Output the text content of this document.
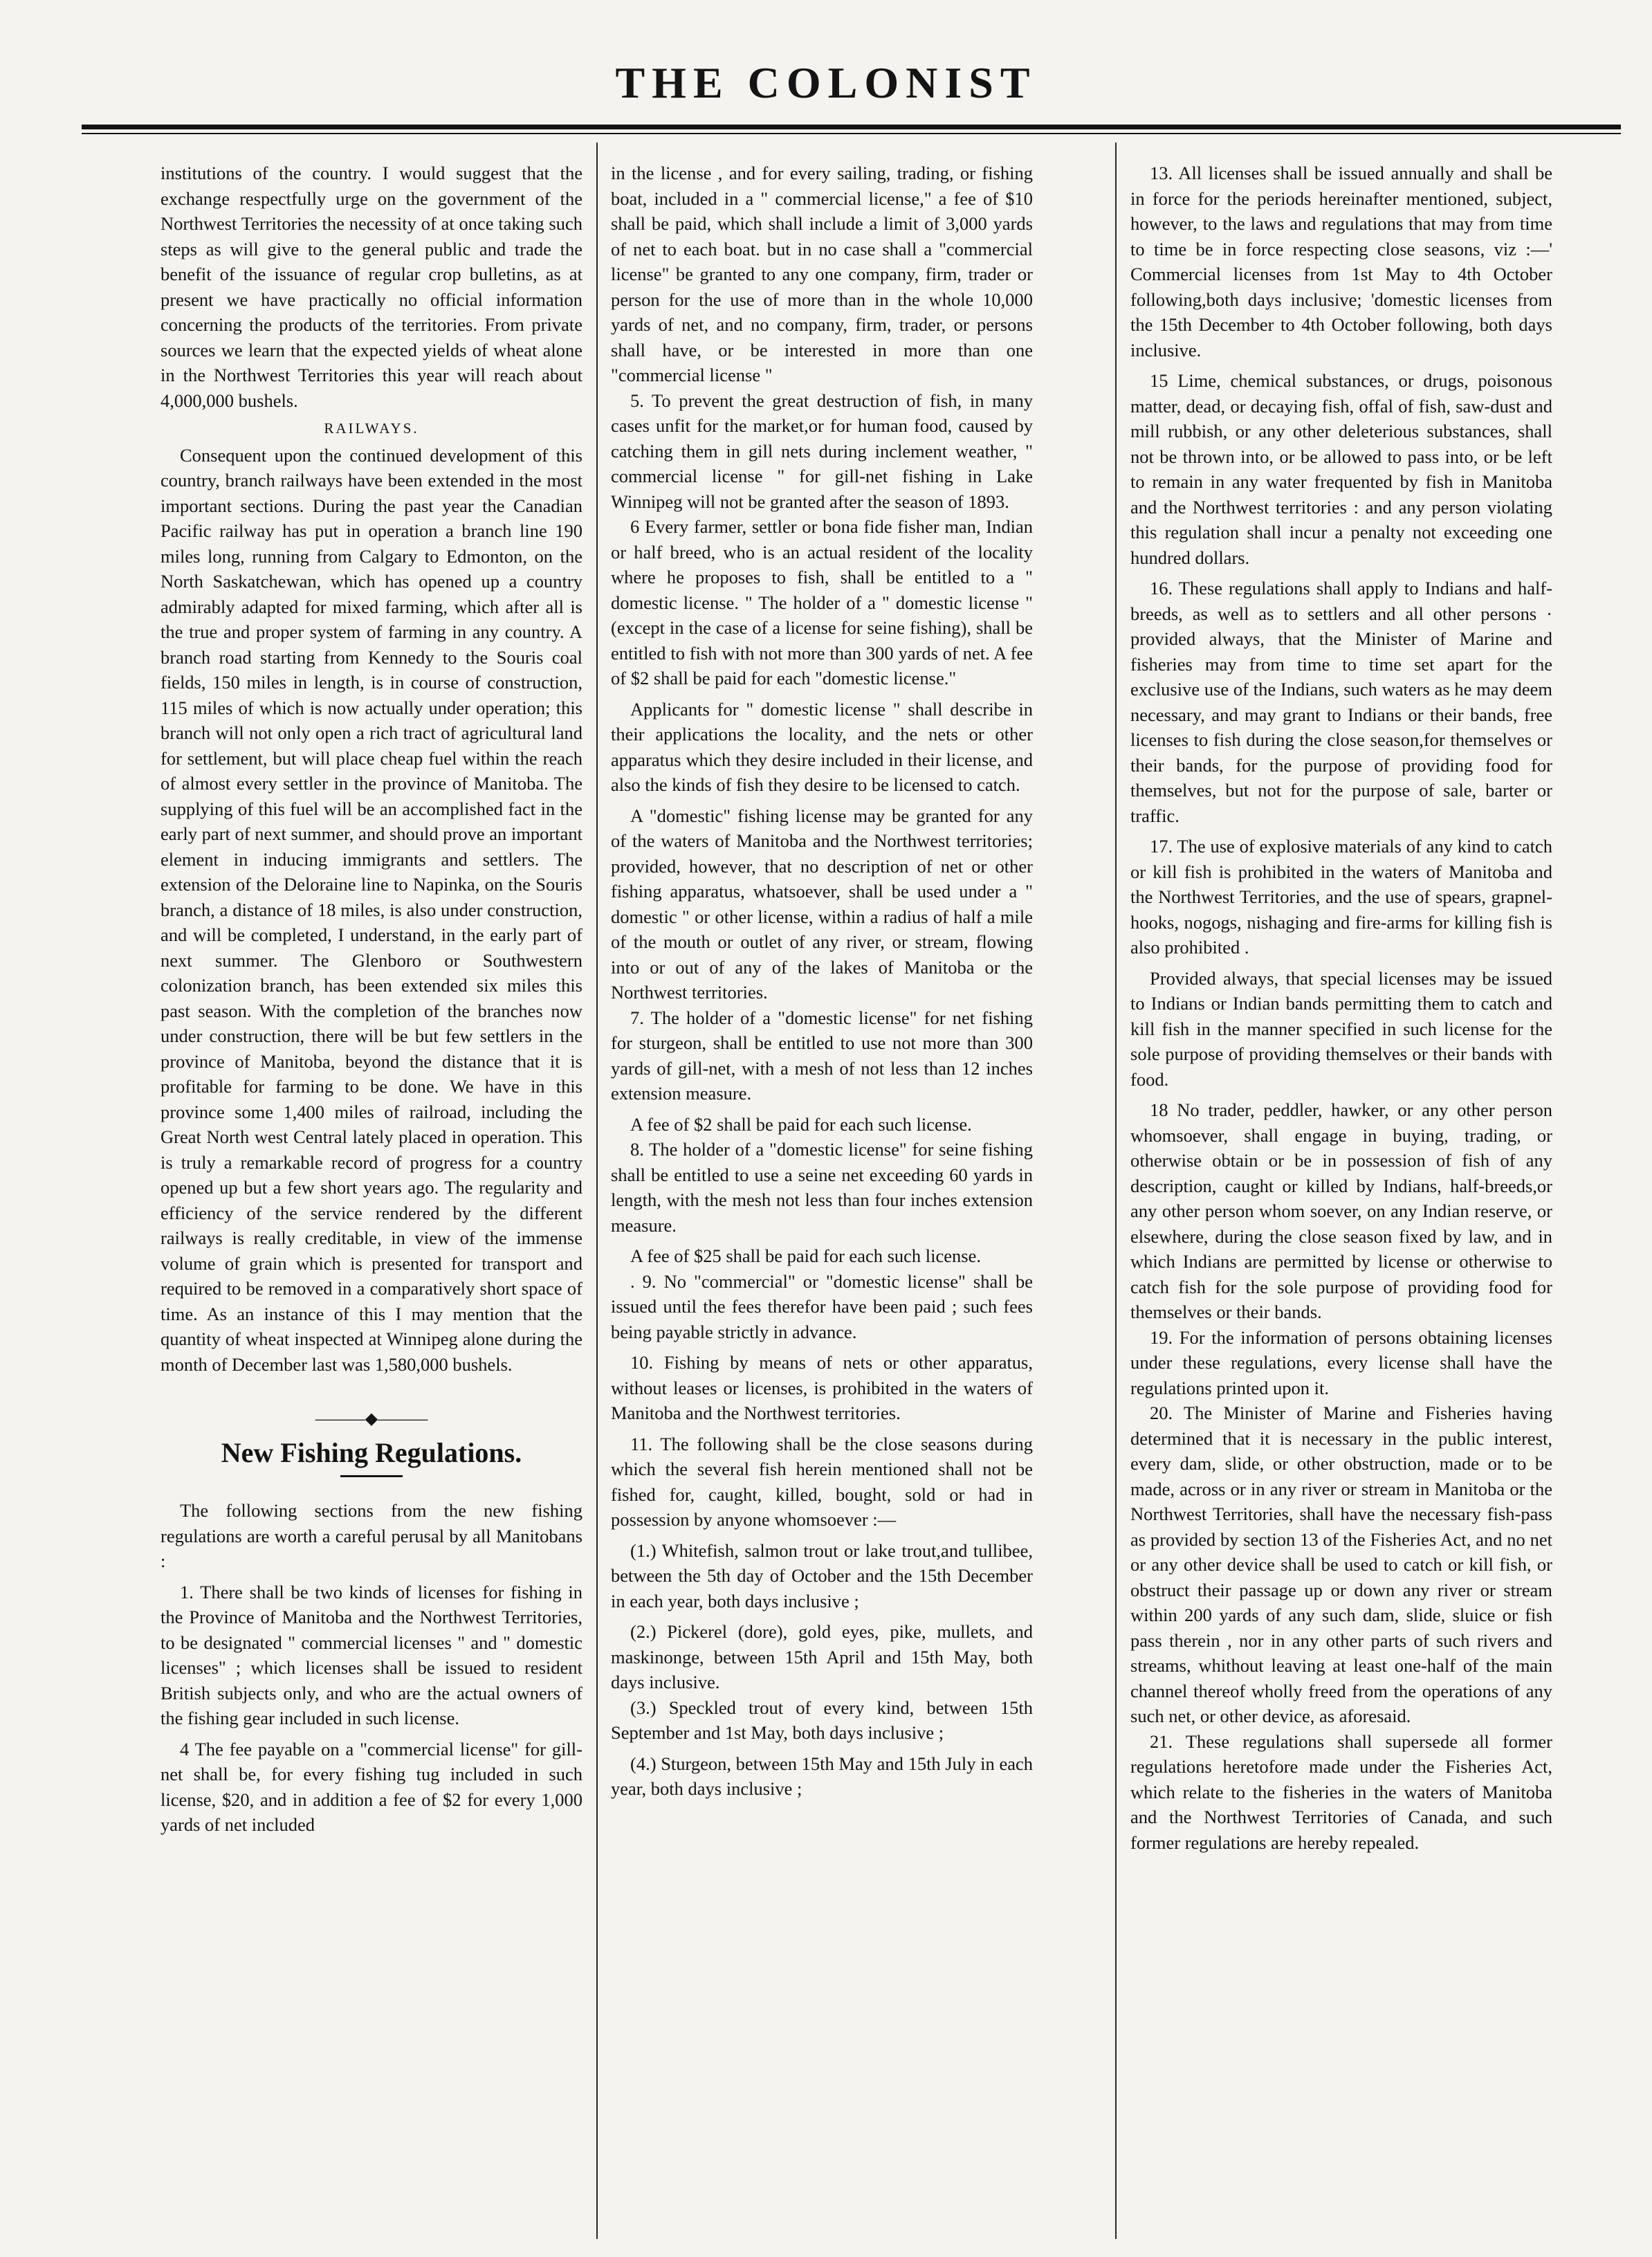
THE COLONIST

institutions of the country. I would suggest that the exchange respectfully urge on the government of the Northwest Territories the necessity of at once taking such steps as will give to the general public and trade the benefit of the issuance of regular crop bulletins, as at present we have practically no official information concerning the products of the territories. From private sources we learn that the expected yields of wheat alone in the Northwest Territories this year will reach about 4,000,000 bushels.

RAILWAYS.

Consequent upon the continued development of this country, branch railways have been extended in the most important sections. During the past year the Canadian Pacific railway has put in operation a branch line 190 miles long, running from Calgary to Edmonton, on the North Saskatchewan, which has opened up a country admirably adapted for mixed farming, which after all is the true and proper system of farming in any country. A branch road starting from Kennedy to the Souris coal fields, 150 miles in length, is in course of construction, 115 miles of which is now actually under operation; this branch will not only open a rich tract of agricultural land for settlement, but will place cheap fuel within the reach of almost every settler in the province of Manitoba. The supplying of this fuel will be an accomplished fact in the early part of next summer, and should prove an important element in inducing immigrants and settlers. The extension of the Deloraine line to Napinka, on the Souris branch, a distance of 18 miles, is also under construction, and will be completed, I understand, in the early part of next summer. The Glenboro or Southwestern colonization branch, has been extended six miles this past season. With the completion of the branches now under construction, there will be but few settlers in the province of Manitoba, beyond the distance that it is profitable for farming to be done. We have in this province some 1,400 miles of railroad, including the Great North west Central lately placed in operation. This is truly a remarkable record of progress for a country opened up but a few short years ago. The regularity and efficiency of the service rendered by the different railways is really creditable, in view of the immense volume of grain which is presented for transport and required to be removed in a comparatively short space of time. As an instance of this I may mention that the quantity of wheat inspected at Winnipeg alone during the month of December last was 1,580,000 bushels.

———◆———
New Fishing Regulations.

The following sections from the new fishing regulations are worth a careful perusal by all Manitobans :

1. There shall be two kinds of licenses for fishing in the Province of Manitoba and the Northwest Territories, to be designated " commercial licenses " and " domestic licenses" ; which licenses shall be issued to resident British subjects only, and who are the actual owners of the fishing gear included in such license.

4 The fee payable on a "commercial license" for gill-net shall be, for every fishing tug included in such license, $20, and in addition a fee of $2 for every 1,000 yards of net included

in the license , and for every sailing, trading, or fishing boat, included in a " commercial license," a fee of $10 shall be paid, which shall include a limit of 3,000 yards of net to each boat. but in no case shall a "commercial license" be granted to any one company, firm, trader or person for the use of more than in the whole 10,000 yards of net, and no company, firm, trader, or persons shall have, or be interested in more than one "commercial license "

5. To prevent the great destruction of fish, in many cases unfit for the market,or for human food, caused by catching them in gill nets during inclement weather, " commercial license " for gill-net fishing in Lake Winnipeg will not be granted after the season of 1893.

6 Every farmer, settler or bona fide fisher man, Indian or half breed, who is an actual resident of the locality where he proposes to fish, shall be entitled to a " domestic license. " The holder of a " domestic license " (except in the case of a license for seine fishing), shall be entitled to fish with not more than 300 yards of net. A fee of $2 shall be paid for each "domestic license."

Applicants for " domestic license " shall describe in their applications the locality, and the nets or other apparatus which they desire included in their license, and also the kinds of fish they desire to be licensed to catch.

A "domestic" fishing license may be granted for any of the waters of Manitoba and the Northwest territories; provided, however, that no description of net or other fishing apparatus, whatsoever, shall be used under a " domestic " or other license, within a radius of half a mile of the mouth or outlet of any river, or stream, flowing into or out of any of the lakes of Manitoba or the Northwest territories.

7. The holder of a "domestic license" for net fishing for sturgeon, shall be entitled to use not more than 300 yards of gill-net, with a mesh of not less than 12 inches extension measure.

A fee of $2 shall be paid for each such license.

8. The holder of a "domestic license" for seine fishing shall be entitled to use a seine net exceeding 60 yards in length, with the mesh not less than four inches extension measure.

A fee of $25 shall be paid for each such license.

. 9. No "commercial" or "domestic license" shall be issued until the fees therefor have been paid ; such fees being payable strictly in advance.

10. Fishing by means of nets or other apparatus, without leases or licenses, is prohibited in the waters of Manitoba and the Northwest territories.

11. The following shall be the close seasons during which the several fish herein mentioned shall not be fished for, caught, killed, bought, sold or had in possession by anyone whomsoever :—

(1.) Whitefish, salmon trout or lake trout,and tullibee, between the 5th day of October and the 15th December in each year, both days inclusive ;

(2.) Pickerel (dore), gold eyes, pike, mullets, and maskinonge, between 15th April and 15th May, both days inclusive.

(3.) Speckled trout of every kind, between 15th September and 1st May, both days inclusive ;

(4.) Sturgeon, between 15th May and 15th July in each year, both days inclusive ;

13. All licenses shall be issued annually and shall be in force for the periods hereinafter mentioned, subject, however, to the laws and regulations that may from time to time be in force respecting close seasons, viz :—' Commercial licenses from 1st May to 4th October following,both days inclusive; 'domestic licenses from the 15th December to 4th October following, both days inclusive.

15 Lime, chemical substances, or drugs, poisonous matter, dead, or decaying fish, offal of fish, saw-dust and mill rubbish, or any other deleterious substances, shall not be thrown into, or be allowed to pass into, or be left to remain in any water frequented by fish in Manitoba and the Northwest territories : and any person violating this regulation shall incur a penalty not exceeding one hundred dollars.

16. These regulations shall apply to Indians and half-breeds, as well as to settlers and all other persons · provided always, that the Minister of Marine and fisheries may from time to time set apart for the exclusive use of the Indians, such waters as he may deem necessary, and may grant to Indians or their bands, free licenses to fish during the close season,for themselves or their bands, for the purpose of providing food for themselves, but not for the purpose of sale, barter or traffic.

17. The use of explosive materials of any kind to catch or kill fish is prohibited in the waters of Manitoba and the Northwest Territories, and the use of spears, grapnel-hooks, nogogs, nishaging and fire-arms for killing fish is also prohibited .

Provided always, that special licenses may be issued to Indians or Indian bands permitting them to catch and kill fish in the manner specified in such license for the sole purpose of providing themselves or their bands with food.

18 No trader, peddler, hawker, or any other person whomsoever, shall engage in buying, trading, or otherwise obtain or be in possession of fish of any description, caught or killed by Indians, half-breeds,or any other person whom soever, on any Indian reserve, or elsewhere, during the close season fixed by law, and in which Indians are permitted by license or otherwise to catch fish for the sole purpose of providing food for themselves or their bands.

19. For the information of persons obtaining licenses under these regulations, every license shall have the regulations printed upon it.

20. The Minister of Marine and Fisheries having determined that it is necessary in the public interest, every dam, slide, or other obstruction, made or to be made, across or in any river or stream in Manitoba or the Northwest Territories, shall have the necessary fish-pass as provided by section 13 of the Fisheries Act, and no net or any other device shall be used to catch or kill fish, or obstruct their passage up or down any river or stream within 200 yards of any such dam, slide, sluice or fish pass therein , nor in any other parts of such rivers and streams, whithout leaving at least one-half of the main channel thereof wholly freed from the operations of any such net, or other device, as aforesaid.

21. These regulations shall supersede all former regulations heretofore made under the Fisheries Act, which relate to the fisheries in the waters of Manitoba and the Northwest Territories of Canada, and such former regulations are hereby repealed.
